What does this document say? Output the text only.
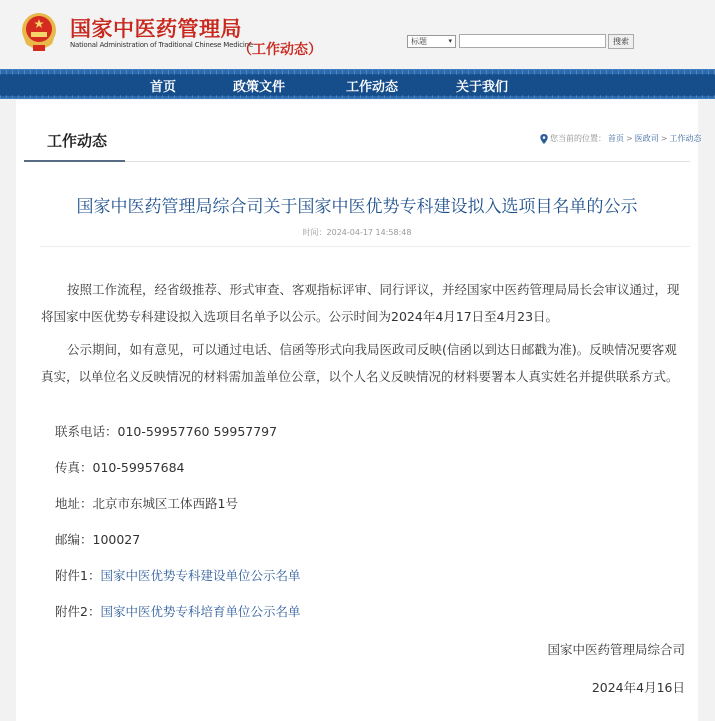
国家中医药管理局
National Administration of Traditional Chinese Medicine
（工作动态）
标题	▾	搜索
首页	政策文件	工作动态	关于我们
工作动态	您当前的位置： 首页 > 医政司 > 工作动态
国家中医药管理局综合司关于国家中医优势专科建设拟入选项目名单的公示
时间：2024-04-17 14:58:48
按照工作流程，经省级推荐、形式审查、客观指标评审、同行评议，并经国家中医药管理局局长会审议通过，现将国家中医优势专科建设拟入选项目名单予以公示。公示时间为2024年4月17日至4月23日。
公示期间，如有意见，可以通过电话、信函等形式向我局医政司反映(信函以到达日邮戳为准)。反映情况要客观真实，以单位名义反映情况的材料需加盖单位公章，以个人名义反映情况的材料要署本人真实姓名并提供联系方式。
联系电话：010-59957760 59957797
传真：010-59957684
地址：北京市东城区工体西路1号
邮编：100027
附件1：国家中医优势专科建设单位公示名单
附件2：国家中医优势专科培育单位公示名单
国家中医药管理局综合司
2024年4月16日
